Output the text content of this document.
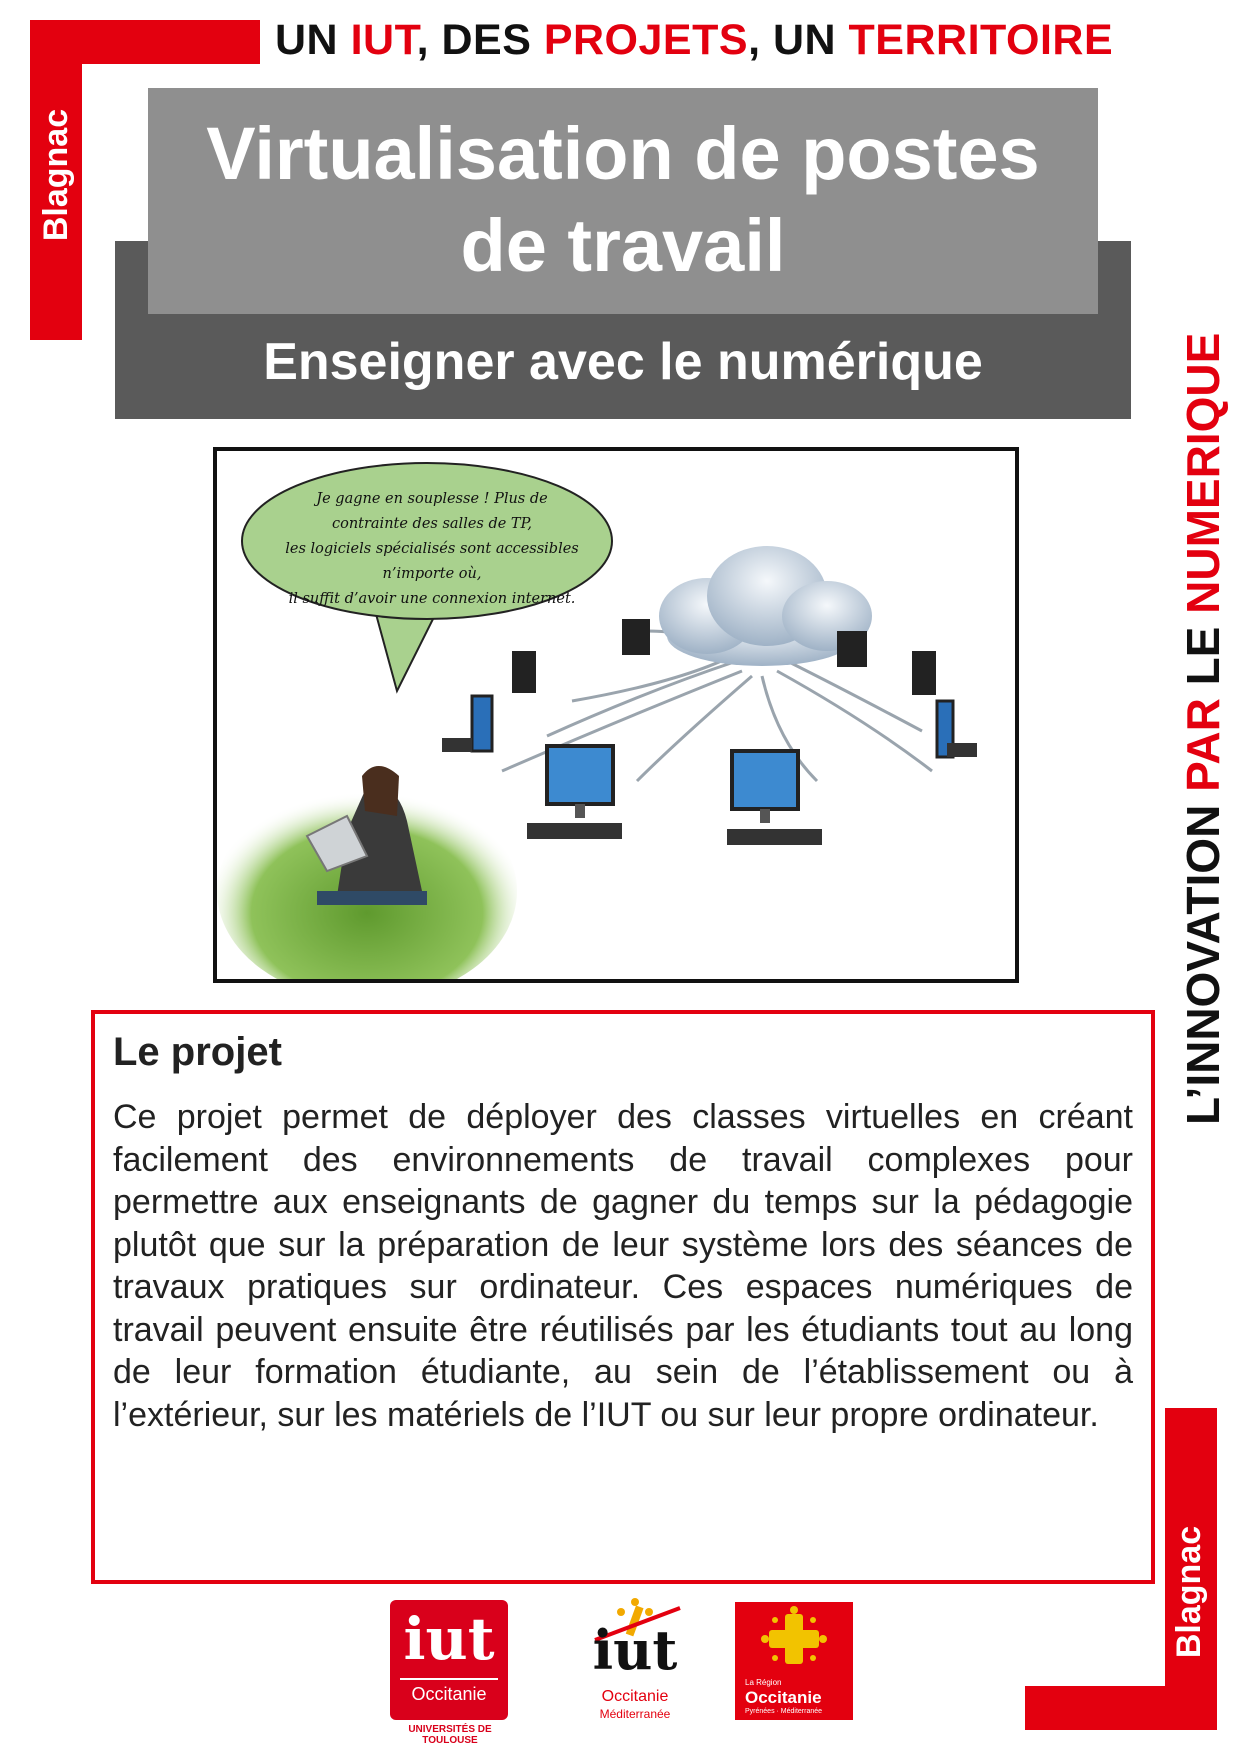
Blagnac
UN IUT, DES PROJETS, UN TERRITOIRE
Virtualisation de postes
de travail
Enseigner avec le numérique
Je gagne en souplesse ! Plus de
contrainte des salles de TP,
les logiciels spécialisés sont accessibles
n’importe où,
il suffit d’avoir une connexion internet.
L’INNOVATION PAR LE NUMERIQUE
Le projet
Ce projet permet de déployer des classes virtuelles en créant facilement des environnements de travail complexes pour permettre aux enseignants de gagner du temps sur la pédagogie plutôt que sur la préparation de leur système lors des séances de travaux pratiques sur ordinateur. Ces espaces numériques de travail peuvent ensuite être réutilisés par les étudiants tout au long de leur formation étudiante, au sein de l’établissement ou à l’extérieur, sur les matériels de l’IUT ou sur leur propre ordinateur.
Blagnac
iut
Occitanie
UNIVERSITÉS DE TOULOUSE
iut
Occitanie
Méditerranée
La Région
Occitanie
Pyrénées · Méditerranée
